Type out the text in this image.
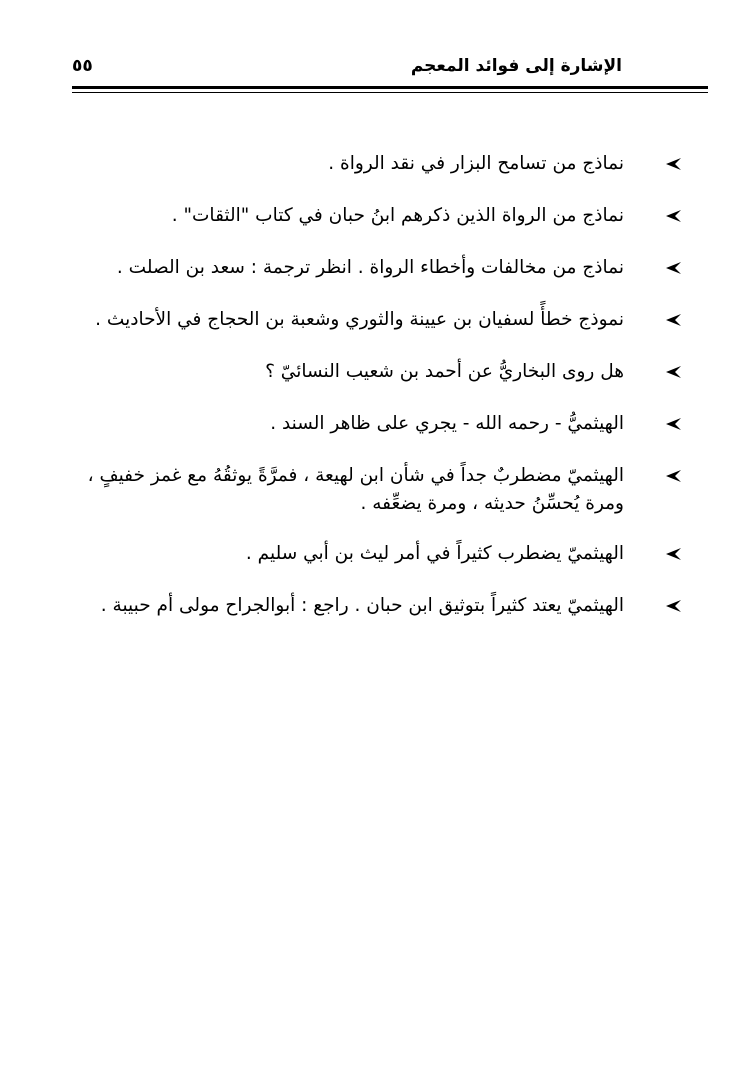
الإشارة إلى فوائد المعجم
٥٥
نماذج من تسامح البزار في نقد الرواة .
نماذج من الرواة الذين ذكرهم ابنُ حبان في كتاب "الثقات" .
نماذج من مخالفات وأخطاء الرواة . انظر ترجمة : سعد بن الصلت .
نموذج خطأً لسفيان بن عيينة والثوري وشعبة بن الحجاج في الأحاديث .
هل روى البخاريُّ عن أحمد بن شعيب النسائيّ ؟
الهيثميُّ - رحمه الله - يجري على ظاهر السند .
الهيثميّ مضطربٌ جداً في شأن ابن لهيعة ، فمرَّةً يوثقُهُ مع غمز خفيفٍ ، ومرة يُحسِّنُ حديثه ، ومرة يضعِّفه .
الهيثميّ يضطرب كثيراً في أمر ليث بن أبي سليم .
الهيثميّ يعتد كثيراً بتوثيق ابن حبان . راجع : أبوالجراح مولى أم حبيبة .
